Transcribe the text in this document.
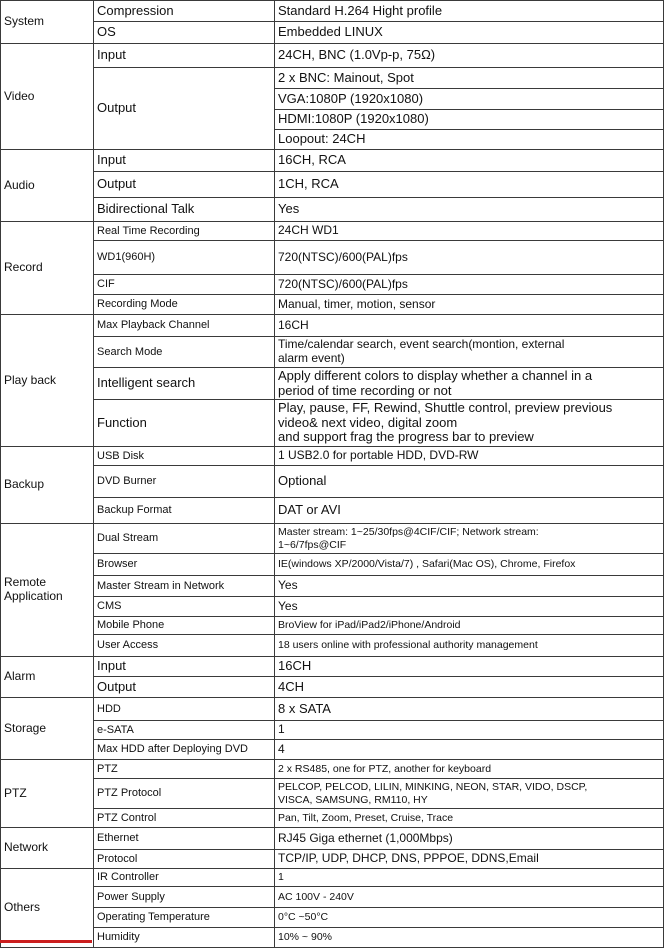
System	Compression	Standard H.264 Hight profile
	OS	Embedded LINUX
Video	Input	24CH, BNC (1.0Vp-p, 75Ω)
	Output	2 x BNC: Mainout, Spot
		VGA:1080P (1920x1080)
		HDMI:1080P (1920x1080)
		Loopout: 24CH
Audio	Input	16CH, RCA
	Output	1CH, RCA
	Bidirectional Talk	Yes
Record	Real Time Recording	24CH WD1
	WD1(960H)	720(NTSC)/600(PAL)fps
	CIF	720(NTSC)/600(PAL)fps
	Recording Mode	Manual, timer, motion, sensor
Play back	Max Playback Channel	16CH
	Search Mode	Time/calendar search, event search(montion, external
alarm event)
	Intelligent search	Apply different colors to display whether a channel in a
period of time recording or not
	Function	Play, pause, FF, Rewind, Shuttle control, preview previous
video& next video, digital zoom
and support frag the progress bar to preview
Backup	USB Disk	1 USB2.0 for portable HDD, DVD-RW
	DVD Burner	Optional
	Backup Format	DAT or AVI
Remote
Application	Dual Stream	Master stream: 1~25/30fps@4CIF/CIF; Network stream:
1~6/7fps@CIF
	Browser	IE(windows XP/2000/Vista/7) , Safari(Mac OS), Chrome, Firefox
	Master Stream in Network	Yes
	CMS	Yes
	Mobile Phone	BroView for iPad/iPad2/iPhone/Android
	User Access	18 users online with professional authority management
Alarm	Input	16CH
	Output	4CH
Storage	HDD	8 x SATA
	e-SATA	1
	Max HDD after Deploying DVD	4
PTZ	PTZ	2 x RS485, one for PTZ, another for keyboard
	PTZ Protocol	PELCOP, PELCOD, LILIN, MINKING, NEON, STAR, VIDO, DSCP,
VISCA, SAMSUNG, RM110, HY
	PTZ Control	Pan, Tilt, Zoom, Preset, Cruise, Trace
Network	Ethernet	RJ45 Giga ethernet (1,000Mbps)
	Protocol	TCP/IP, UDP, DHCP, DNS, PPPOE, DDNS,Email
Others	IR Controller	1
	Power Supply	AC 100V - 240V
	Operating Temperature	0°C ~50°C
	Humidity	10% ~ 90%
